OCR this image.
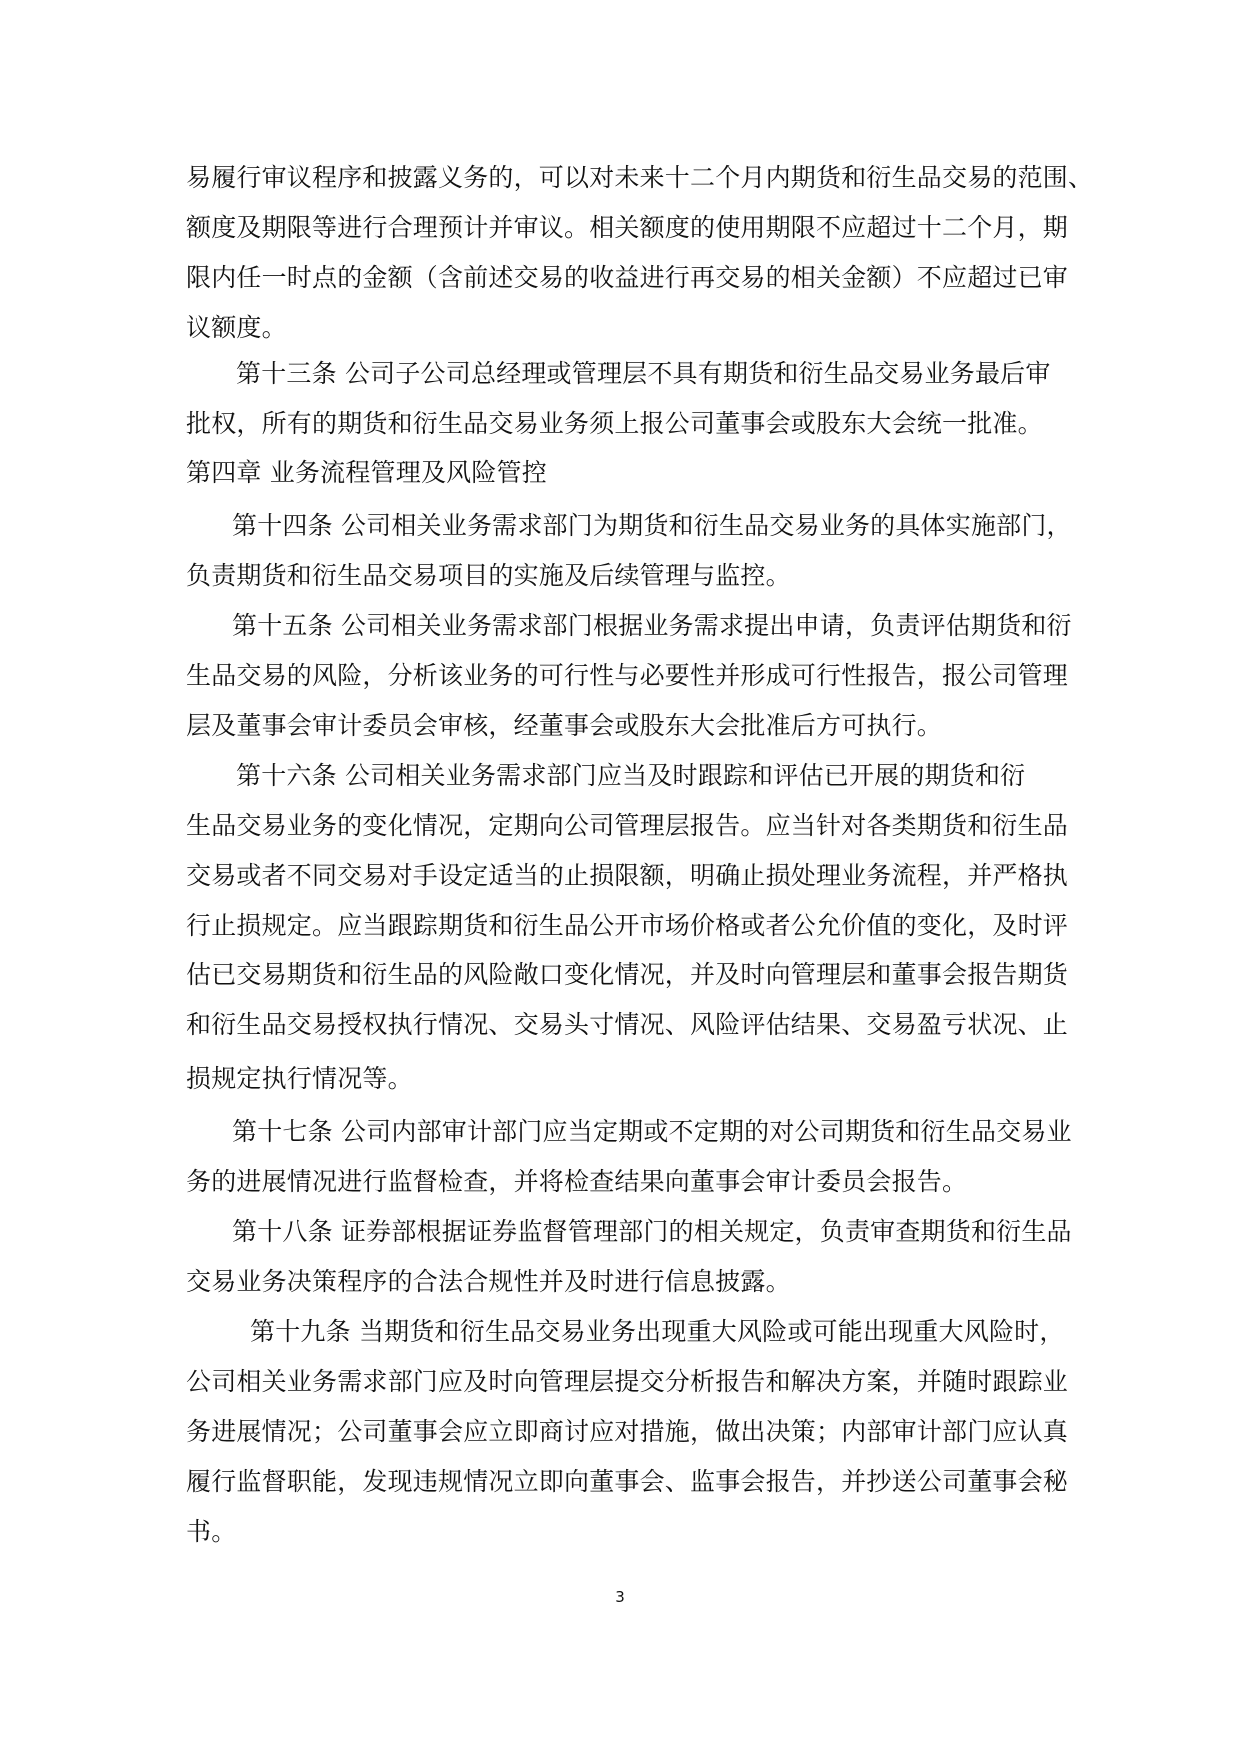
易履行审议程序和披露义务的，可以对未来十二个月内期货和衍生品交易的范围、
额度及期限等进行合理预计并审议。相关额度的使用期限不应超过十二个月，期
限内任一时点的金额（含前述交易的收益进行再交易的相关金额）不应超过已审
议额度。
第十三条 公司子公司总经理或管理层不具有期货和衍生品交易业务最后审
批权，所有的期货和衍生品交易业务须上报公司董事会或股东大会统一批准。
第四章 业务流程管理及风险管控
第十四条 公司相关业务需求部门为期货和衍生品交易业务的具体实施部门，
负责期货和衍生品交易项目的实施及后续管理与监控。
第十五条 公司相关业务需求部门根据业务需求提出申请，负责评估期货和衍
生品交易的风险，分析该业务的可行性与必要性并形成可行性报告，报公司管理
层及董事会审计委员会审核，经董事会或股东大会批准后方可执行。
第十六条 公司相关业务需求部门应当及时跟踪和评估已开展的期货和衍
生品交易业务的变化情况，定期向公司管理层报告。应当针对各类期货和衍生品
交易或者不同交易对手设定适当的止损限额，明确止损处理业务流程，并严格执
行止损规定。应当跟踪期货和衍生品公开市场价格或者公允价值的变化，及时评
估已交易期货和衍生品的风险敞口变化情况，并及时向管理层和董事会报告期货
和衍生品交易授权执行情况、交易头寸情况、风险评估结果、交易盈亏状况、止
损规定执行情况等。
第十七条 公司内部审计部门应当定期或不定期的对公司期货和衍生品交易业
务的进展情况进行监督检查，并将检查结果向董事会审计委员会报告。
第十八条 证券部根据证券监督管理部门的相关规定，负责审查期货和衍生品
交易业务决策程序的合法合规性并及时进行信息披露。
第十九条 当期货和衍生品交易业务出现重大风险或可能出现重大风险时，
公司相关业务需求部门应及时向管理层提交分析报告和解决方案，并随时跟踪业
务进展情况；公司董事会应立即商讨应对措施，做出决策；内部审计部门应认真
履行监督职能，发现违规情况立即向董事会、监事会报告，并抄送公司董事会秘
书。
3
